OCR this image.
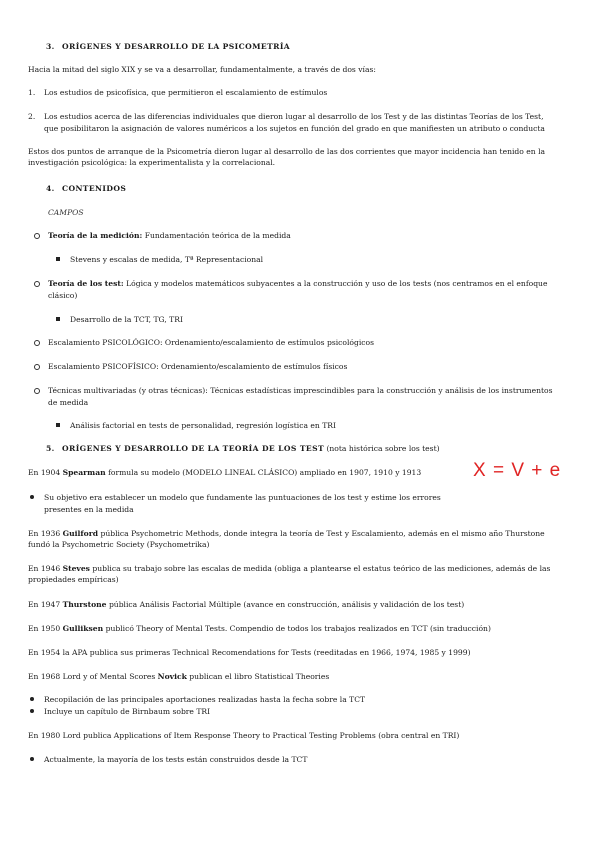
3. ORÍGENES Y DESARROLLO DE LA PSICOMETRÍA
Hacia la mitad del siglo XIX y se va a desarrollar, fundamentalmente, a través de dos vías:
1. Los estudios de psicofísica, que permitieron el escalamiento de estímulos
2. Los estudios acerca de las diferencias individuales que dieron lugar al desarrollo de los Test y de las distintas Teorías de los Test,
que posibilitaron la asignación de valores numéricos a los sujetos en función del grado en que manifiesten un atributo o conducta
Estos dos puntos de arranque de la Psicometría dieron lugar al desarrollo de las dos corrientes que mayor incidencia han tenido en la
investigación psicológica: la experimentalista y la correlacional.
4. CONTENIDOS
CAMPOS
Teoría de la medición: Fundamentación teórica de la medida
Stevens y escalas de medida, Tª Representacional
Teoría de los test: Lógica y modelos matemáticos subyacentes a la construcción y uso de los tests (nos centramos en el enfoque
clásico)
Desarrollo de la TCT, TG, TRI
Escalamiento PSICOLÓGICO: Ordenamiento/escalamiento de estímulos psicológicos
Escalamiento PSICOFÍSICO: Ordenamiento/escalamiento de estímulos físicos
Técnicas multivariadas (y otras técnicas): Técnicas estadísticas imprescindibles para la construcción y análisis de los instrumentos
de medida
Análisis factorial en tests de personalidad, regresión logística en TRI
5. ORÍGENES Y DESARROLLO DE LA TEORÍA DE LOS TEST (nota histórica sobre los test)
X = V + e
En 1904 Spearman formula su modelo (MODELO LINEAL CLÁSICO) ampliado en 1907, 1910 y 1913
Su objetivo era establecer un modelo que fundamente las puntuaciones de los test y estime los errores
presentes en la medida
En 1936 Guilford públicа Psychometric Methods, donde integra la teoría de Test y Escalamiento, además en el mismo año Thurstone
fundó la Psychometric Society (Psychometrika)
En 1946 Steves publica su trabajo sobre las escalas de medida (obliga a plantearse el estatus teórico de las mediciones, además de las
propiedades empíricas)
En 1947 Thurstone pública Análisis Factorial Múltiple (avance en construcción, análisis y validación de los test)
En 1950 Gulliksen publicó Theory of Mental Tests. Compendio de todos los trabajos realizados en TCT (sin traducción)
En 1954 la APA publica sus primeras Technical Recomendations for Tests (reeditadas en 1966, 1974, 1985 y 1999)
En 1968 Lord y of Mental Scores Novick publican el libro Statistical Theories
Recopilación de las principales aportaciones realizadas hasta la fecha sobre la TCT
Incluye un capítulo de Birnbaum sobre TRI
En 1980 Lord publica Applications of Item Response Theory to Practical Testing Problems (obra central en TRI)
Actualmente, la mayoría de los tests están construidos desde la TCT
